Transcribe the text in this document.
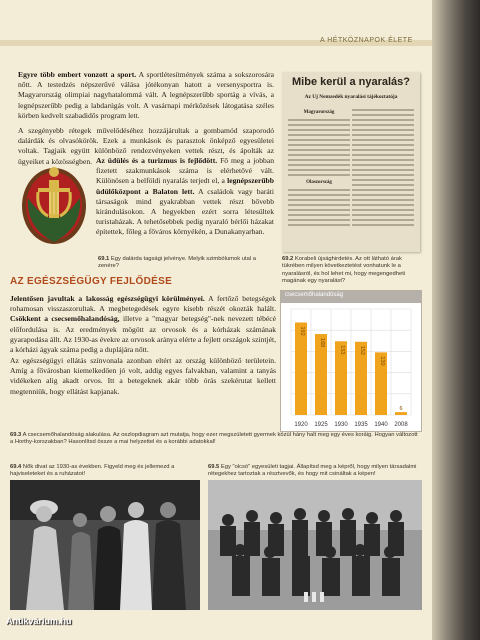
A HÉTKÖZNAPOK ÉLETE

Egyre több embert vonzott a sport. A sportlétesítmények száma a sokszorosára nőtt. A testedzés népszerűvé válása jótékonyan hatott a versenysportra is. Magyarország olimpiai nagyhatalommá vált. A legnépszerűbb sportág a vívás, a legnépszerűbb pedig a labdarúgás volt. A vasárnapi mérkőzések látogatása széles körben kedvelt szabadidős program lett.

A szegényebb rétegek művelődéséhez hozzájárultak a gombamód szaporodó dalárdák és olvasókörök. Ezek a munkások és parasztok önképző egyesületei voltak. Tagjaik együtt különböző rendezvényeken vettek részt, és ápolták az ügyeiket a közösségben. Az üdülés és a turizmus is fejlődött. Fő meg a jobban fizetett szakmunkások száma is elérhetővé vált. Különösen a belföldi nyaralás terjedt el, a legnépszerűbb üdülőközpont a Balaton lett. A családok vagy baráti társaságok mind gyakrabban vettek részt bővebb kirándulásokon. A hegyekben ezért sorra létesültek turistaházak. A tehetősebbek pedig nyaraló bérlői házakat építettek, főleg a főváros környékén, a Dunakanyarban.

69.1 Egy dalárda tagsági jelvénye. Melyik szimbólumok utal a zenére?
Mibe kerül a nyaralás?
Az Uj Nemzedék nyaralási tájékoztatója
Magyarország
Olaszország
69.2 Korabeli újsághirdetés. Az ott látható árak tükrében milyen következtetést vonhatunk le a nyaralásról, és hol lehet mi, hogy megengedheti magának egy nyaralást?
AZ EGÉSZSÉGÜGY FEJLŐDÉSE

Jelentősen javultak a lakosság egészségügyi körülményei. A fertőző betegségek rohamosan visszaszorultak. A megbetegedések egyre kisebb részét okozták halált. Csökkent a csecsemőhalandóság, illetve a "magyar betegség"-nek nevezett tébécé előfordulása is. Az eredmények mögött az orvosok és a kórházak számának gyarapodása állt. Az 1930-as évekre az orvosok aránya elérte a fejlett országok szintjét, a kórházi ágyak száma pedig a duplájára nőtt.

Az egészségügyi ellátás színvonala azonban eltért az ország különböző területein. Amíg a fővárosban kiemelkedően jó volt, addig egyes falvakban, valamint a tanyás vidékeken alig akadt orvos. Itt a betegeknek akár több órás szekérutat kellett megtenniük, hogy ellátást kapjanak.

csecsemőhalandóság
192
1920
168
1925
153
1930
152
1935
130
1940
6
2008
69.3 A csecsemőhalandóság alakulása. Az oszlopdiagram azt mutatja, hogy ezer megszületett gyermek közül hány halt meg egy éves koráig. Hogyan változott a Horthy-korszakban? Hasonlítsd össze a mai helyzettel és a korábbi adatokkal!
69.4 Nők divat az 1930-as években. Figyeld meg és jellemezd a hajviseleteket és a ruházatot!
69.5 Egy "olcsó" egyesületi tagjai. Állapítsd meg a képről, hogy milyen társadalmi rétegekhez tartoztak a résztvevők, és hogy mit csináltak a képen!
Antikvárium.hu
